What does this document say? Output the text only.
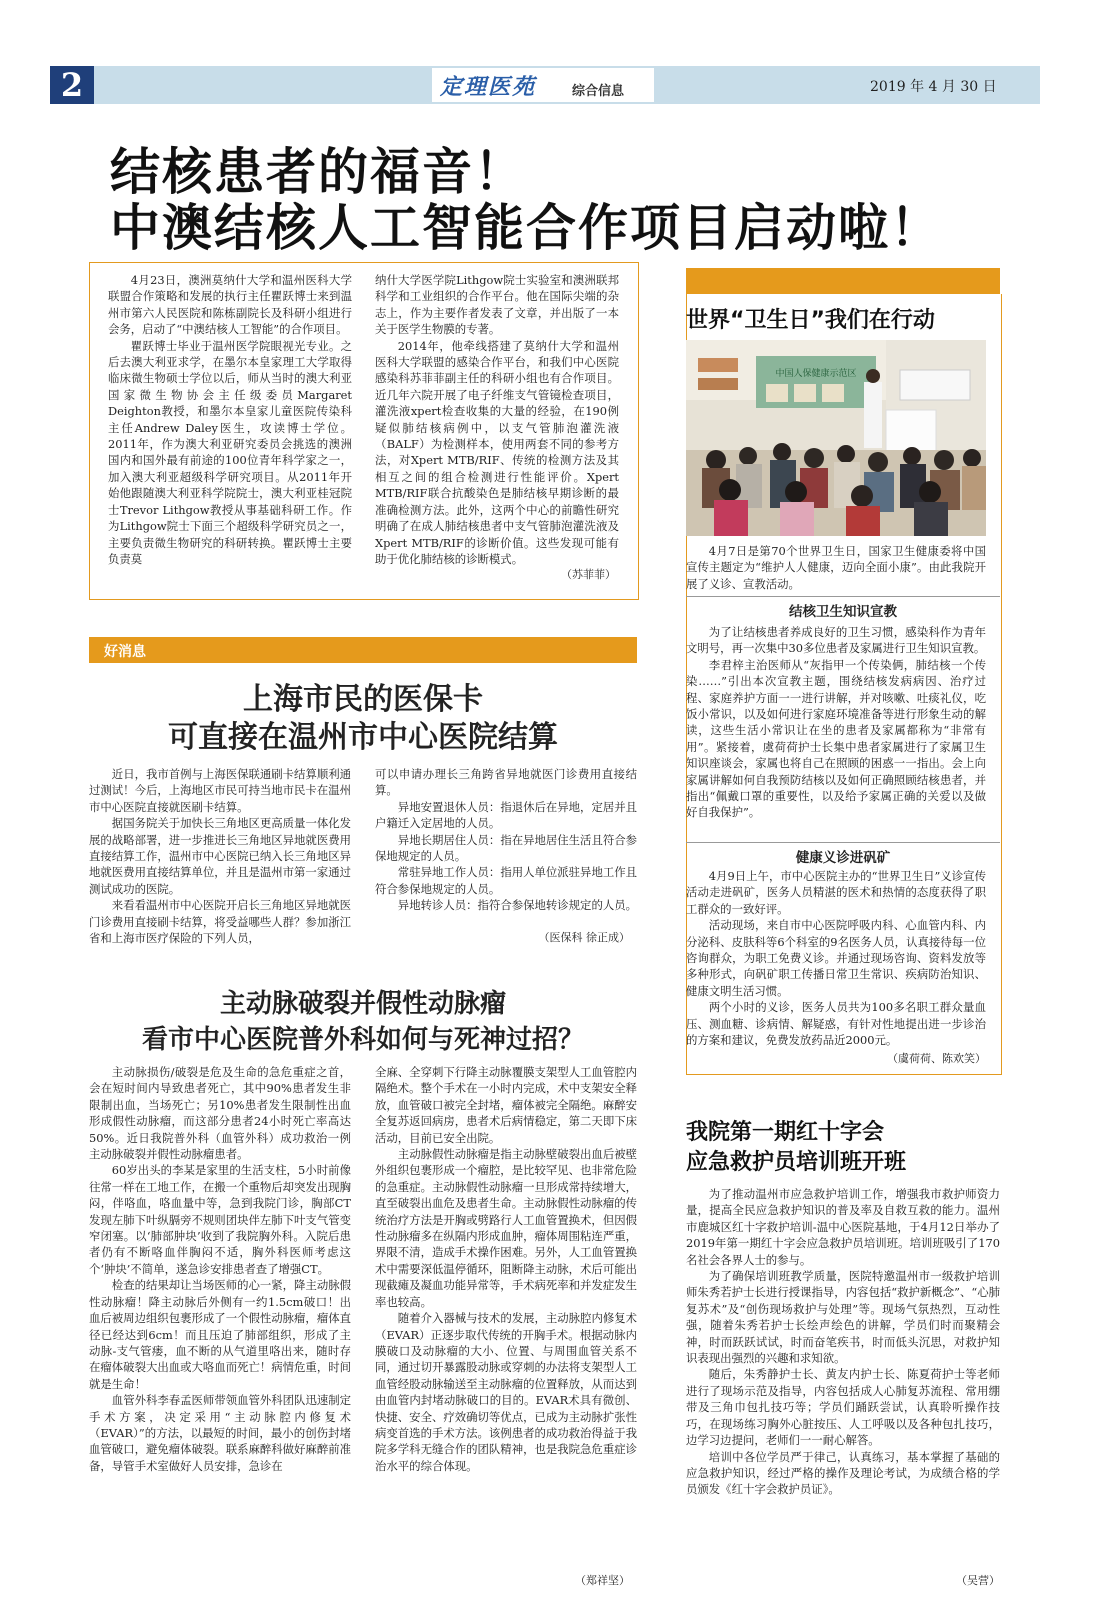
2	定理医苑	综合信息	2019 年 4 月 30 日
结核患者的福音！
中澳结核人工智能合作项目启动啦！

4月23日，澳洲莫纳什大学和温州医科大学联盟合作策略和发展的执行主任瞿跃博士来到温州市第六人民医院和陈栋副院长及科研小组进行会务，启动了“中澳结核人工智能”的合作项目。

瞿跃博士毕业于温州医学院眼视光专业。之后去澳大利亚求学，在墨尔本皇家理工大学取得临床微生物硕士学位以后，师从当时的澳大利亚国家微生物协会主任级委员Margaret Deighton教授，和墨尔本皇家儿童医院传染科主任Andrew Daley医生，攻读博士学位。2011年，作为澳大利亚研究委员会挑选的澳洲国内和国外最有前途的100位青年科学家之一，加入澳大利亚超级科学研究项目。从2011年开始他跟随澳大利亚科学院院士，澳大利亚桂冠院士Trevor Lithgow教授从事基础科研工作。作为Lithgow院士下面三个超级科学研究员之一，主要负责微生物研究的科研转换。瞿跃博士主要负责莫

纳什大学医学院Lithgow院士实验室和澳洲联邦科学和工业组织的合作平台。他在国际尖端的杂志上，作为主要作者发表了文章，并出版了一本关于医学生物膜的专著。

2014年，他牵线搭建了莫纳什大学和温州医科大学联盟的感染合作平台，和我们中心医院感染科苏菲菲副主任的科研小组也有合作项目。近几年六院开展了电子纤维支气管镜检查项目，灌洗液xpert检查收集的大量的经验，在190例疑似肺结核病例中，以支气管肺泡灌洗液（BALF）为检测样本，使用两套不同的参考方法，对Xpert MTB/RIF、传统的检测方法及其相互之间的组合检测进行性能评价。Xpert MTB/RIF联合抗酸染色是肺结核早期诊断的最准确检测方法。此外，这两个中心的前瞻性研究明确了在成人肺结核患者中支气管肺泡灌洗液及Xpert MTB/RIF的诊断价值。这些发现可能有助于优化肺结核的诊断模式。

（苏菲菲）
好消息
上海市民的医保卡
可直接在温州市中心医院结算

近日，我市首例与上海医保联通刷卡结算顺利通过测试！今后，上海地区市民可持当地市民卡在温州市中心医院直接就医刷卡结算。

据国务院关于加快长三角地区更高质量一体化发展的战略部署，进一步推进长三角地区异地就医费用直接结算工作，温州市中心医院已纳入长三角地区异地就医费用直接结算单位，并且是温州市第一家通过测试成功的医院。

来看看温州市中心医院开启长三角地区异地就医门诊费用直接刷卡结算，将受益哪些人群？参加浙江省和上海市医疗保险的下列人员，

可以申请办理长三角跨省异地就医门诊费用直接结算。

异地安置退休人员：指退休后在异地，定居并且户籍迁入定居地的人员。

异地长期居住人员：指在异地居住生活且符合参保地规定的人员。

常驻异地工作人员：指用人单位派驻异地工作且符合参保地规定的人员。

异地转诊人员：指符合参保地转诊规定的人员。

（医保科 徐正成）
主动脉破裂并假性动脉瘤
看市中心医院普外科如何与死神过招？

主动脉损伤/破裂是危及生命的急危重症之首，会在短时间内导致患者死亡，其中90%患者发生非限制出血，当场死亡；另10%患者发生限制性出血形成假性动脉瘤，而这部分患者24小时死亡率高达50%。近日我院普外科（血管外科）成功救治一例主动脉破裂并假性动脉瘤患者。

60岁出头的李某是家里的生活支柱，5小时前像往常一样在工地工作，在搬一个重物后却突发出现胸闷，伴咯血，咯血量中等，急到我院门诊，胸部CT发现左肺下叶纵膈旁不规则团块伴左肺下叶支气管变窄闭塞。以‘肺部肿块’收到了我院胸外科。入院后患者仍有不断咯血伴胸闷不适，胸外科医师考虑这个‘肿块’不简单，遂急诊安排患者查了增强CT。

检查的结果却让当场医师的心一紧，降主动脉假性动脉瘤！降主动脉后外侧有一约1.5cm破口！出血后被周边组织包裹形成了一个假性动脉瘤，瘤体直径已经达到6cm！而且压迫了肺部组织，形成了主动脉-支气管瘘，血不断的从气道里咯出来，随时存在瘤体破裂大出血或大咯血而死亡！病情危重，时间就是生命！

血管外科李春孟医师带领血管外科团队迅速制定手术方案，决定采用“主动脉腔内修复术（EVAR）”的方法，以最短的时间，最小的创伤封堵血管破口，避免瘤体破裂。联系麻醉科做好麻醉前准备，导管手术室做好人员安排，急诊在

全麻、全穿刺下行降主动脉覆膜支架型人工血管腔内隔绝术。整个手术在一小时内完成，术中支架安全释放，血管破口被完全封堵，瘤体被完全隔绝。麻醉安全复苏返回病房，患者术后病情稳定，第二天即下床活动，目前已安全出院。

主动脉假性动脉瘤是指主动脉壁破裂出血后被壁外组织包裹形成一个瘤腔，是比较罕见、也非常危险的急重症。主动脉假性动脉瘤一旦形成常持续增大，直至破裂出血危及患者生命。主动脉假性动脉瘤的传统治疗方法是开胸或劈路行人工血管置换术，但因假性动脉瘤多在纵隔内形成血肿，瘤体周围粘连严重，界限不清，造成手术操作困难。另外，人工血管置换术中需要深低温停循环，阻断降主动脉，术后可能出现截瘫及凝血功能异常等，手术病死率和并发症发生率也较高。

随着介入器械与技术的发展，主动脉腔内修复术（EVAR）正逐步取代传统的开胸手术。根据动脉内膜破口及动脉瘤的大小、位置、与周围血管关系不同，通过切开暴露股动脉或穿刺的办法将支架型人工血管经股动脉输送至主动脉瘤的位置释放，从而达到由血管内封堵动脉破口的目的。EVAR术具有微创、快捷、安全、疗效确切等优点，已成为主动脉扩张性病变首选的手术方法。该例患者的成功救治得益于我院多学科无缝合作的团队精神，也是我院急危重症诊治水平的综合体现。

（郑祥坚）
世界“卫生日”我们在行动
中国人保健康示范区

4月7日是第70个世界卫生日，国家卫生健康委将中国宣传主题定为“维护人人健康，迈向全面小康”。由此我院开展了义诊、宣教活动。

结核卫生知识宣教

为了让结核患者养成良好的卫生习惯，感染科作为青年文明号，再一次集中30多位患者及家属进行卫生知识宣教。

李君梓主治医师从“灰指甲一个传染俩，肺结核一个传染……”引出本次宣教主题，围绕结核发病病因、治疗过程、家庭养护方面一一进行讲解，并对咳嗽、吐痰礼仪，吃饭小常识，以及如何进行家庭环境准备等进行形象生动的解读，这些生活小常识让在坐的患者及家属都称为“非常有用”。紧接着，虞荷荷护士长集中患者家属进行了家属卫生知识座谈会，家属也将自己在照顾的困惑一一指出。会上向家属讲解如何自我预防结核以及如何正确照顾结核患者，并指出“佩戴口罩的重要性，以及给予家属正确的关爱以及做好自我保护”。

健康义诊进矾矿

4月9日上午，市中心医院主办的“世界卫生日”义诊宣传活动走进矾矿，医务人员精湛的医术和热情的态度获得了职工群众的一致好评。

活动现场，来自市中心医院呼吸内科、心血管内科、内分泌科、皮肤科等6个科室的9名医务人员，认真接待每一位咨询群众，为职工免费义诊。并通过现场咨询、资料发放等多种形式，向矾矿职工传播日常卫生常识、疾病防治知识、健康文明生活习惯。

两个小时的义诊，医务人员共为100多名职工群众量血压、测血糖、诊病情、解疑惑，有针对性地提出进一步诊治的方案和建议，免费发放药品近2000元。

（虞荷荷、陈欢笑）
我院第一期红十字会
应急救护员培训班开班

为了推动温州市应急救护培训工作，增强我市救护师资力量，提高全民应急救护知识的普及率及自救互救的能力。温州市鹿城区红十字救护培训-温中心医院基地，于4月12日举办了2019年第一期红十字会应急救护员培训班。培训班吸引了170名社会各界人士的参与。

为了确保培训班教学质量，医院特邀温州市一级救护培训师朱秀若护士长进行授课指导，内容包括“救护新概念”、“心肺复苏术”及“创伤现场救护与处理”等。现场气氛热烈，互动性强，随着朱秀若护士长绘声绘色的讲解，学员们时而聚精会神，时而跃跃试试，时而奋笔疾书，时而低头沉思，对救护知识表现出强烈的兴趣和求知欲。

随后，朱秀静护士长、黄友内护士长、陈夏荷护士等老师进行了现场示范及指导，内容包括成人心肺复苏流程、常用绷带及三角巾包扎技巧等；学员们踊跃尝试，认真聆听操作技巧，在现场练习胸外心脏按压、人工呼吸以及各种包扎技巧，边学习边提问，老师们一一耐心解答。

培训中各位学员严于律己，认真练习，基本掌握了基础的应急救护知识，经过严格的操作及理论考试，为成绩合格的学员颁发《红十字会救护员证》。

（吴营）
